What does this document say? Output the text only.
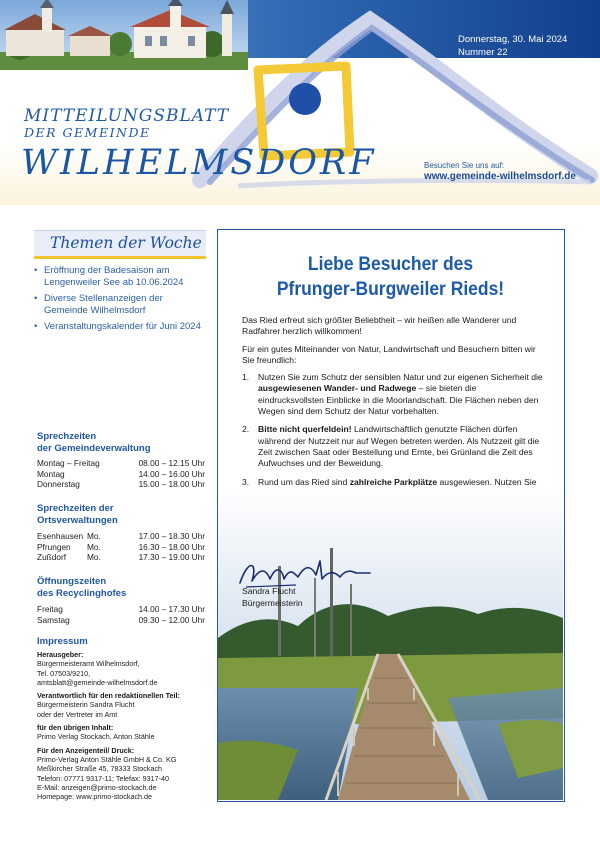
Donnerstag, 30. Mai 2024
Nummer 22
MITTEILUNGSBLATT
DER GEMEINDE
WILHELMSDORF	Besuchen Sie uns auf:
www.gemeinde-wilhelmsdorf.de
Themen der Woche
• Eröffnung der Badesaison am Lengenweiler See ab 10.06.2024
• Diverse Stellenanzeigen der Gemeinde Wilhelmsdorf
• Veranstaltungskalender für Juni 2024
Sprechzeiten
der Gemeindeverwaltung
Montag – Freitag	08.00 – 12.15 Uhr
Montag	14.00 – 16.00 Uhr
Donnerstag	15.00 – 18.00 Uhr
Sprechzeiten der
Ortsverwaltungen
Esenhausen Mo.	17.00 – 18.30 Uhr
Pfrungen Mo.	16.30 – 18.00 Uhr
Zußdorf	Mo.	17.30 – 19.00 Uhr
Öffnungszeiten
des Recyclinghofes
Freitag	14.00 – 17.30 Uhr
Samstag	09.30 – 12.00 Uhr
Impressum
Herausgeber:
Bürgermeisteramt Wilhelmsdorf,
Tel. 07503/9210,
amtsblatt@gemeinde-wilhelmsdorf.de
Verantwortlich für den redaktionellen Teil:
Bürgermeisterin Sandra Flucht
oder der Vertreter im Amt
für den übrigen Inhalt:
Primo Verlag Stockach, Anton Stähle
Für den Anzeigenteil/ Druck:
Primo-Verlag Anton Stähle GmbH & Co. KG
Meßkircher Straße 45, 78333 Stockach
Telefon: 07771 9317-11; Telefax: 9317-40
E-Mail: anzeigen@primo-stockach.de
Homepage: www.primo-stockach.de
Liebe Besucher des
Pfrunger-Burgweiler Rieds!

Das Ried erfreut sich größter Beliebtheit – wir heißen alle Wanderer und Radfahrer herzlich willkommen!

Für ein gutes Miteinander von Natur, Landwirtschaft und Besuchern bitten wir Sie freundlich:

1. Nutzen Sie zum Schutz der sensiblen Natur und zur eigenen Sicherheit die ausgewiesenen Wander- und Radwege – sie bieten die eindrucksvollsten Einblicke in die Moorlandschaft. Die Flächen neben den Wegen sind dem Schutz der Natur vorbehalten.
2. Bitte nicht querfeldein! Landwirtschaftlich genutzte Flächen dürfen während der Nutzzeit nur auf Wegen betreten werden. Als Nutzzeit gilt die Zeit zwischen Saat oder Bestellung und Ernte, bei Grünland die Zeit des Aufwuchses und der Beweidung.
3. Rund um das Ried sind zahlreiche Parkplätze ausgewiesen. Nutzen Sie

Sandra Flucht
Bürgermeisterin
